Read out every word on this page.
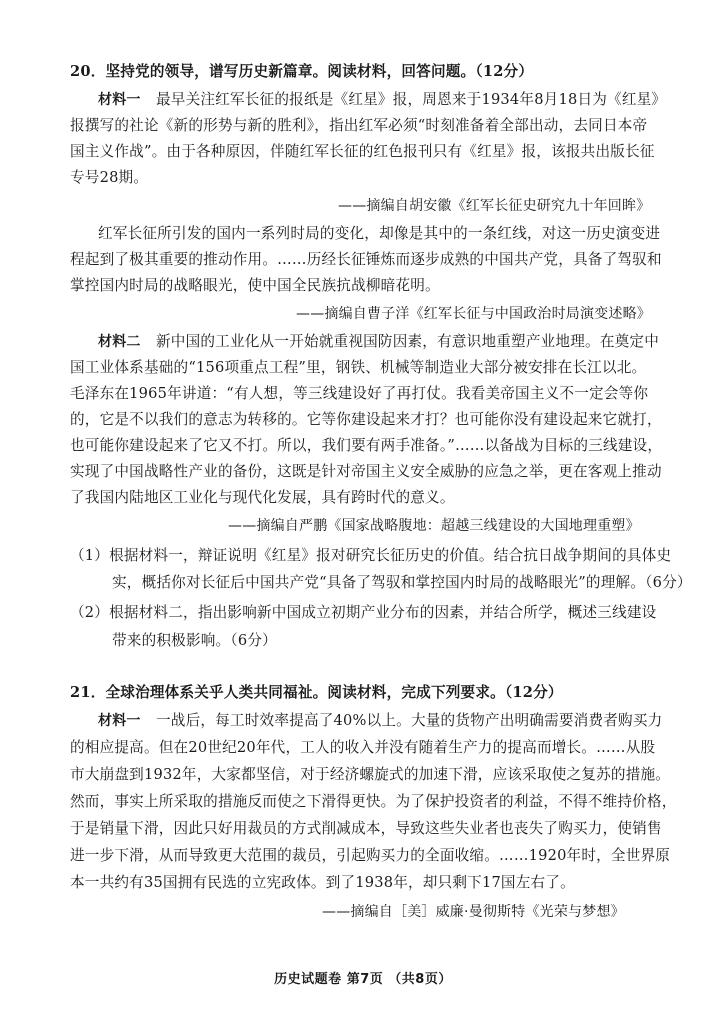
20．坚持党的领导，谱写历史新篇章。阅读材料，回答问题。（12分）
材料一 最早关注红军长征的报纸是《红星》报，周恩来于1934年8月18日为《红星》
报撰写的社论《新的形势与新的胜利》，指出红军必须“时刻准备着全部出动，去同日本帝
国主义作战”。由于各种原因，伴随红军长征的红色报刊只有《红星》报，该报共出版长征
专号28期。
——摘编自胡安徽《红军长征史研究九十年回眸》
红军长征所引发的国内一系列时局的变化，却像是其中的一条红线，对这一历史演变进
程起到了极其重要的推动作用。……历经长征锤炼而逐步成熟的中国共产党，具备了驾驭和
掌控国内时局的战略眼光，使中国全民族抗战柳暗花明。
——摘编自曹子洋《红军长征与中国政治时局演变述略》
材料二 新中国的工业化从一开始就重视国防因素，有意识地重塑产业地理。在奠定中
国工业体系基础的“156项重点工程”里，钢铁、机械等制造业大部分被安排在长江以北。
毛泽东在1965年讲道：“有人想，等三线建设好了再打仗。我看美帝国主义不一定会等你
的，它是不以我们的意志为转移的。它等你建设起来才打？也可能你没有建设起来它就打，
也可能你建设起来了它又不打。所以，我们要有两手准备。”……以备战为目标的三线建设，
实现了中国战略性产业的备份，这既是针对帝国主义安全威胁的应急之举，更在客观上推动
了我国内陆地区工业化与现代化发展，具有跨时代的意义。
——摘编自严鹏《国家战略腹地：超越三线建设的大国地理重塑》
（1）根据材料一，辩证说明《红星》报对研究长征历史的价值。结合抗日战争期间的具体史
实，概括你对长征后中国共产党“具备了驾驭和掌控国内时局的战略眼光”的理解。（6分）
（2）根据材料二，指出影响新中国成立初期产业分布的因素，并结合所学，概述三线建设
带来的积极影响。（6分）
21．全球治理体系关乎人类共同福祉。阅读材料，完成下列要求。（12分）
材料一 一战后，每工时效率提高了40%以上。大量的货物产出明确需要消费者购买力
的相应提高。但在20世纪20年代，工人的收入并没有随着生产力的提高而增长。……从股
市大崩盘到1932年，大家都坚信，对于经济螺旋式的加速下滑，应该采取使之复苏的措施。
然而，事实上所采取的措施反而使之下滑得更快。为了保护投资者的利益，不得不维持价格，
于是销量下滑，因此只好用裁员的方式削减成本，导致这些失业者也丧失了购买力，使销售
进一步下滑，从而导致更大范围的裁员，引起购买力的全面收缩。……1920年时，全世界原
本一共约有35国拥有民选的立宪政体。到了1938年，却只剩下17国左右了。
——摘编自［美］威廉·曼彻斯特《光荣与梦想》
历史试题卷 第7页 （共8页）
